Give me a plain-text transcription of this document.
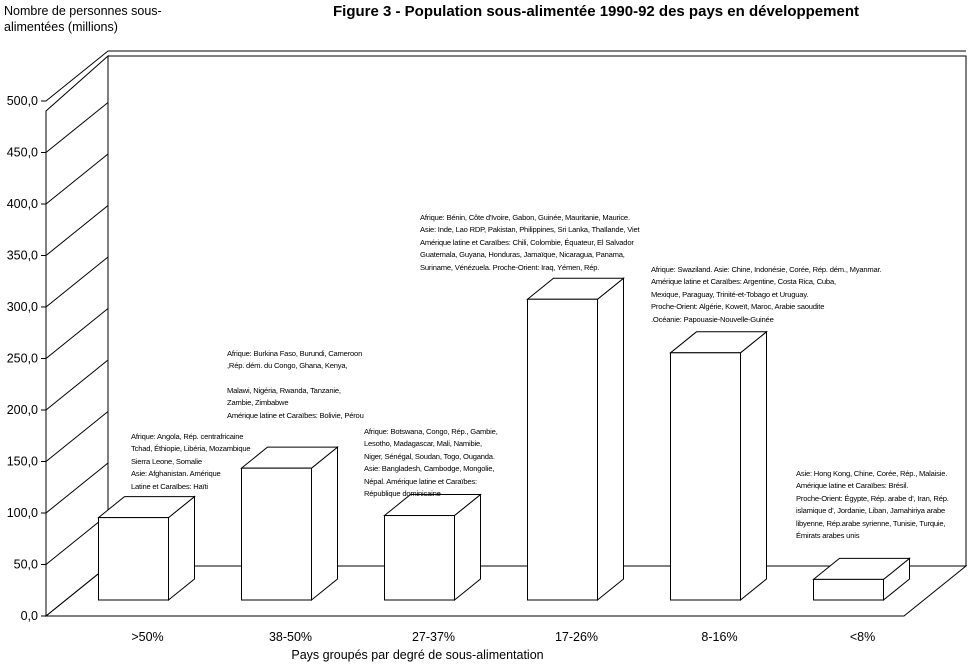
0,0
50,0
100,0
150,0
200,0
250,0
300,0
350,0
400,0
450,0
500,0
>50%	38-50%	27-37%	17-26%	8-16%	<8%
Figure 3 - Population sous-alimentée 1990-92 des pays en développement
Nombre de personnes sous-alimentées (millions)
Pays groupés par degré de sous-alimentation
Afrique: Angola, Rép. centrafricaine
Tchad, Éthiopie, Libéria, Mozambique
Sierra Leone, Somalie
Asie: Afghanistan. Amérique
Latine et Caraïbes: Haïti
Afrique: Burkina Faso, Burundi, Cameroon
,Rép. dém. du Congo, Ghana, Kenya,
Malawi, Nigéria, Rwanda, Tanzanie,
Zambie, Zimbabwe
Amérique latine et Caraïbes: Bolivie, Pérou
Afrique: Botswana, Congo, Rép., Gambie,
Lesotho, Madagascar, Mali, Namibie,
Niger, Sénégal, Soudan, Togo, Ouganda.
Asie: Bangladesh, Cambodge, Mongolie,
Népal. Amérique latine et Caraïbes:
République dominicaine
Afrique: Bénin, Côte d'Ivoire, Gabon, Guinée, Mauritanie, Maurice.
Asie: Inde, Lao RDP, Pakistan, Philippines, Sri Lanka, Thaïlande, Viet
Amérique latine et Caraïbes: Chili, Colombie, Équateur, El Salvador
Guatemala, Guyana, Honduras, Jamaïque, Nicaragua, Panama,
Suriname, Vénézuela. Proche-Orient: Iraq, Yémen, Rép.	Afrique: Swaziland. Asie: Chine, Indonésie, Corée, Rép. dém., Myanmar.
Amérique latine et Caraïbes: Argentine, Costa Rica, Cuba,
Mexique, Paraguay, Trinité-et-Tobago et Uruguay.
Proche-Orient: Algérie, Koweït, Maroc, Arabie saoudite
.Océanie: Papouasie-Nouvelle-Guinée
Asie: Hong Kong, Chine, Corée, Rép., Malaisie.
Amérique latine et Caraïbes: Brésil.
Proche-Orient: Égypte, Rép. arabe d', Iran, Rép.
islamique d', Jordanie, Liban, Jamahiriya arabe
libyenne, Rép.arabe syrienne, Tunisie, Turquie,
Émirats arabes unis
